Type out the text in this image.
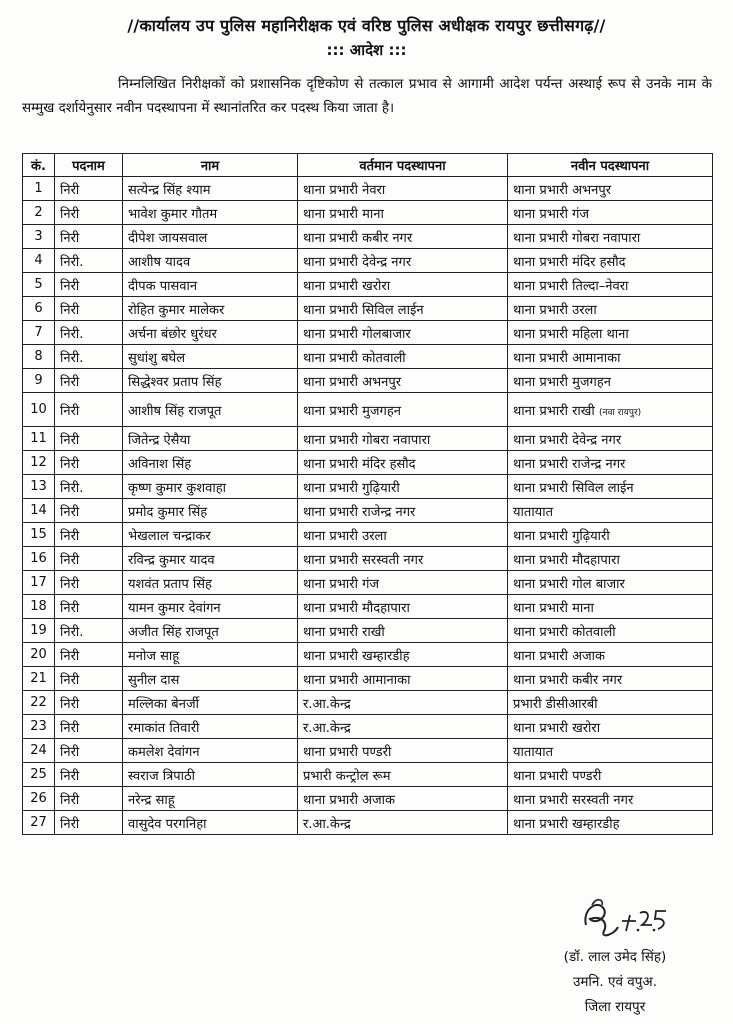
//कार्यालय उप पुलिस महानिरीक्षक एवं वरिष्ठ पुलिस अधीक्षक रायपुर छत्तीसगढ़//
::: आदेश :::
निम्नलिखित निरीक्षकों को प्रशासनिक दृष्टिकोण से तत्काल प्रभाव से आगामी आदेश पर्यन्त अस्थाई रूप से उनके नाम के सम्मुख दर्शायेनुसार नवीन पदस्थापना में स्थानांतरित कर पदस्थ किया जाता है।
कं.	पदनाम	नाम	वर्तमान पदस्थापना	नवीन पदस्थापना
1	निरी	सत्येन्द्र सिंह श्याम	थाना प्रभारी नेवरा	थाना प्रभारी अभनपुर
2	निरी	भावेश कुमार गौतम	थाना प्रभारी माना	थाना प्रभारी गंज
3	निरी	दीपेश जायसवाल	थाना प्रभारी कबीर नगर	थाना प्रभारी गोबरा नवापारा
4	निरी.	आशीष यादव	थाना प्रभारी देवेन्द्र नगर	थाना प्रभारी मंदिर हसौद
5	निरी	दीपक पासवान	थाना प्रभारी खरोरा	थाना प्रभारी तिल्दा–नेवरा
6	निरी	रोहित कुमार मालेकर	थाना प्रभारी सिविल लाईन	थाना प्रभारी उरला
7	निरी.	अर्चना बंछोर धुरंधर	थाना प्रभारी गोलबाजार	थाना प्रभारी महिला थाना
8	निरी.	सुधांशु बघेल	थाना प्रभारी कोतवाली	थाना प्रभारी आमानाका
9	निरी	सिद्धेश्वर प्रताप सिंह	थाना प्रभारी अभनपुर	थाना प्रभारी मुजगहन
10	निरी	आशीष सिंह राजपूत	थाना प्रभारी मुजगहन	थाना प्रभारी राखी (नवा रायपुर)
11	निरी	जितेन्द्र ऐसैया	थाना प्रभारी गोबरा नवापारा	थाना प्रभारी देवेन्द्र नगर
12	निरी	अविनाश सिंह	थाना प्रभारी मंदिर हसौद	थाना प्रभारी राजेन्द्र नगर
13	निरी.	कृष्ण कुमार कुशवाहा	थाना प्रभारी गुढ़ियारी	थाना प्रभारी सिविल लाईन
14	निरी	प्रमोद कुमार सिंह	थाना प्रभारी राजेन्द्र नगर	यातायात
15	निरी	भेखलाल चन्द्राकर	थाना प्रभारी उरला	थाना प्रभारी गुढ़ियारी
16	निरी	रविन्द्र कुमार यादव	थाना प्रभारी सरस्वती नगर	थाना प्रभारी मौदहापारा
17	निरी	यशवंत प्रताप सिंह	थाना प्रभारी गंज	थाना प्रभारी गोल बाजार
18	निरी	यामन कुमार देवांगन	थाना प्रभारी मौदहापारा	थाना प्रभारी माना
19	निरी.	अजीत सिंह राजपूत	थाना प्रभारी राखी	थाना प्रभारी कोतवाली
20	निरी	मनोज साहू	थाना प्रभारी खम्हारडीह	थाना प्रभारी अजाक
21	निरी	सुनील दास	थाना प्रभारी आमानाका	थाना प्रभारी कबीर नगर
22	निरी	मल्लिका बेनर्जी	र.आ.केन्द्र	प्रभारी डीसीआरबी
23	निरी	रमाकांत तिवारी	र.आ.केन्द्र	थाना प्रभारी खरोरा
24	निरी	कमलेश देवांगन	थाना प्रभारी पण्डरी	यातायात
25	निरी	स्वराज त्रिपाठी	प्रभारी कन्ट्रोल रूम	थाना प्रभारी पण्डरी
26	निरी	नरेन्द्र साहू	थाना प्रभारी अजाक	थाना प्रभारी सरस्वती नगर
27	निरी	वासुदेव परगनिहा	र.आ.केन्द्र	थाना प्रभारी खम्हारडीह
(डॉ. लाल उमेद सिंह)
उमनि. एवं वपुअ.
जिला रायपुर
